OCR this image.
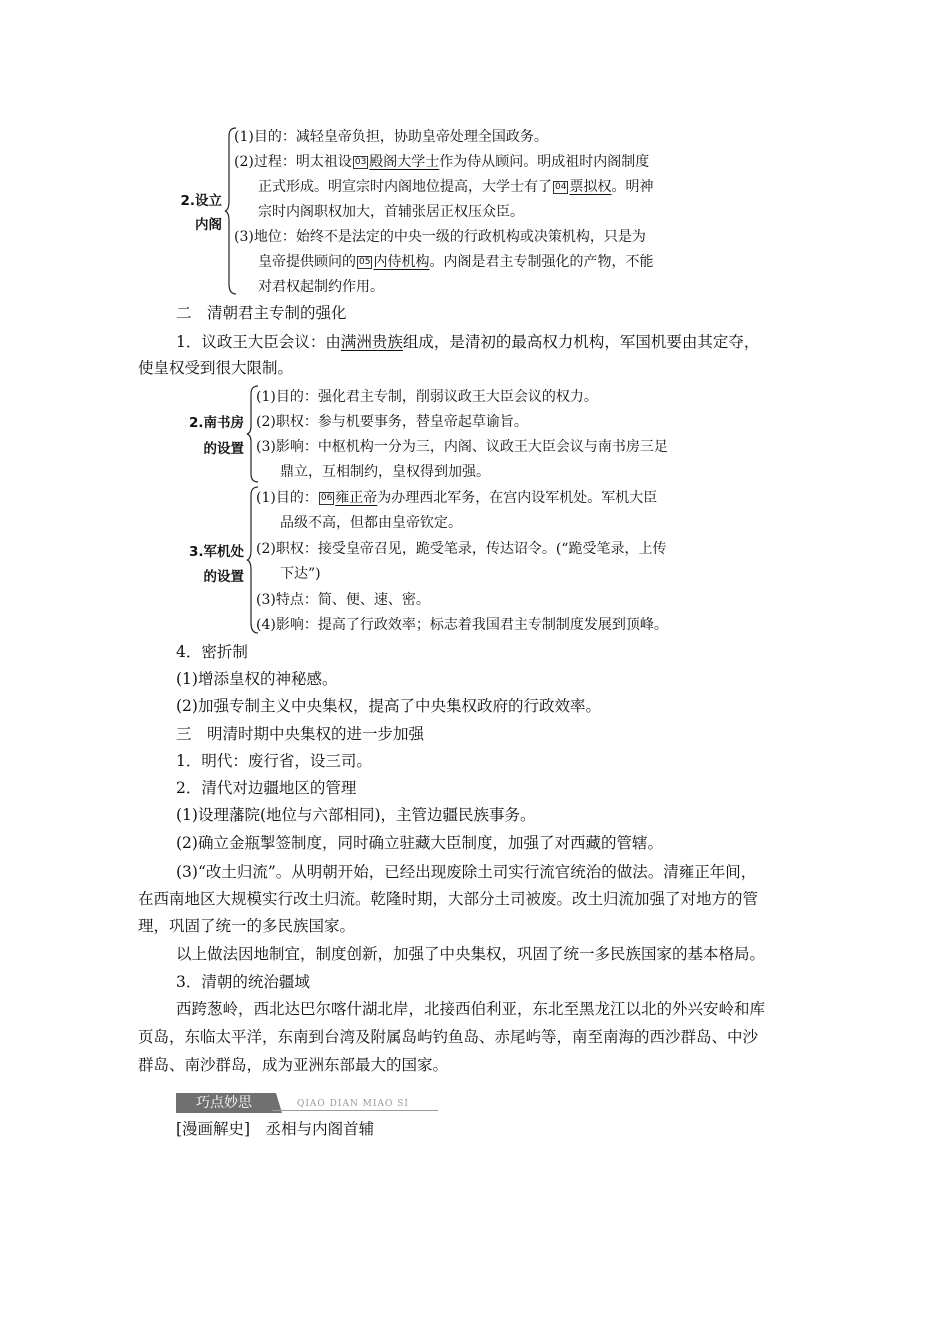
2.设立
内阁
(1)目的：减轻皇帝负担，协助皇帝处理全国政务。
(2)过程：明太祖设 03 殿阁大学士作为侍从顾问。明成祖时内阁制度
正式形成。明宣宗时内阁地位提高，大学士有了 04 票拟权。明神
宗时内阁职权加大，首辅张居正权压众臣。
(3)地位：始终不是法定的中央一级的行政机构或决策机构，只是为
皇帝提供顾问的 05 内侍机构。内阁是君主专制强化的产物，不能
对君权起制约作用。
二　清朝君主专制的强化
1．议政王大臣会议：由满洲贵族组成，是清初的最高权力机构，军国机要由其定夺，
使皇权受到很大限制。
2.南书房
的设置
(1)目的：强化君主专制，削弱议政王大臣会议的权力。
(2)职权：参与机要事务，替皇帝起草谕旨。
(3)影响：中枢机构一分为三，内阁、议政王大臣会议与南书房三足
鼎立，互相制约，皇权得到加强。
3.军机处
的设置
(1)目的： 06 雍正帝为办理西北军务，在宫内设军机处。军机大臣
品级不高，但都由皇帝钦定。
(2)职权：接受皇帝召见，跪受笔录，传达诏令。(“跪受笔录，上传
下达”)
(3)特点：简、便、速、密。
(4)影响：提高了行政效率；标志着我国君主专制制度发展到顶峰。
4．密折制
(1)增添皇权的神秘感。
(2)加强专制主义中央集权，提高了中央集权政府的行政效率。
三　明清时期中央集权的进一步加强
1．明代：废行省，设三司。
2．清代对边疆地区的管理
(1)设理藩院(地位与六部相同)，主管边疆民族事务。
(2)确立金瓶掣签制度，同时确立驻藏大臣制度，加强了对西藏的管辖。
(3)“改土归流”。从明朝开始，已经出现废除土司实行流官统治的做法。清雍正年间，
在西南地区大规模实行改土归流。乾隆时期，大部分土司被废。改土归流加强了对地方的管
理，巩固了统一的多民族国家。
以上做法因地制宜，制度创新，加强了中央集权，巩固了统一多民族国家的基本格局。
3．清朝的统治疆域
西跨葱岭，西北达巴尔喀什湖北岸，北接西伯利亚，东北至黑龙江以北的外兴安岭和库
页岛，东临太平洋，东南到台湾及附属岛屿钓鱼岛、赤尾屿等，南至南海的西沙群岛、中沙
群岛、南沙群岛，成为亚洲东部最大的国家。
巧点妙思	QIAO DIAN MIAO SI
[漫画解史]　丞相与内阁首辅
